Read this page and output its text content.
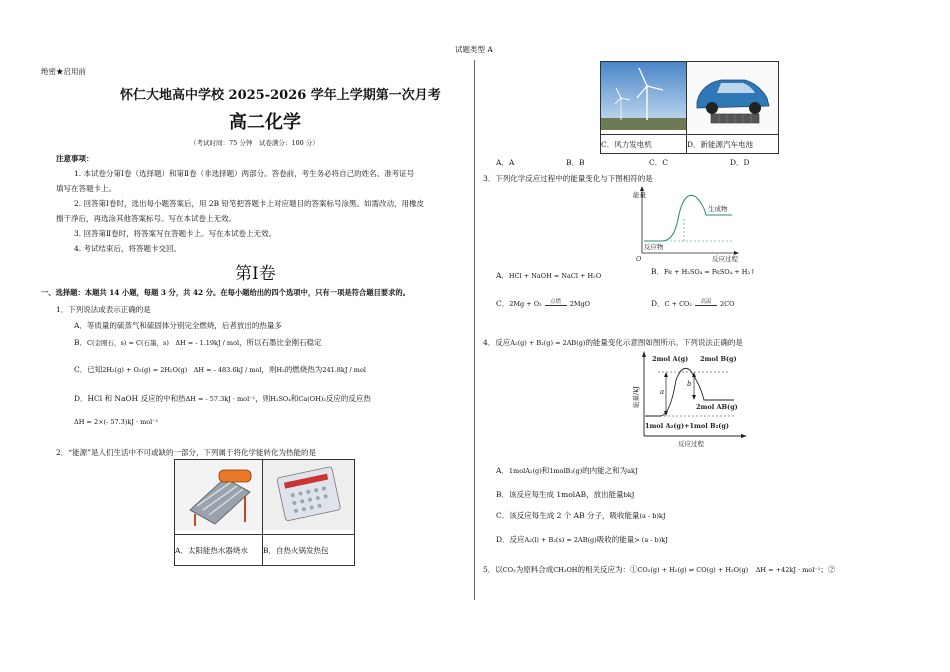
试题类型 A
绝密★启用前
怀仁大地高中学校 2025-2026 学年上学期第一次月考
高二化学
（考试时间：75 分钟　试卷满分：100 分）
注意事项：
1. 本试卷分第Ⅰ卷（选择题）和第Ⅱ卷（非选择题）两部分。答卷前，考生务必将自己的姓名、准考证号
填写在答题卡上。
2. 回答第Ⅰ卷时，选出每小题答案后，用 2B 铅笔把答题卡上对应题目的答案标号涂黑。如需改动，用橡皮
擦干净后，再选涂其他答案标号。写在本试卷上无效。
3. 回答第Ⅱ卷时，将答案写在答题卡上。写在本试卷上无效。
4. 考试结束后，将答题卡交回。
第Ⅰ卷
一、选择题：本题共 14 小题，每题 3 分，共 42 分。在每小题给出的四个选项中，只有一项是符合题目要求的。
1．下列说法或表示正确的是
A．等质量的硫蒸气和硫固体分别完全燃烧，后者放出的热量多
B．C(金刚石，s) = C(石墨，s)　ΔH = - 1.19kJ / mol，所以石墨比金刚石稳定
C．已知2H₂(g) + O₂(g) = 2H₂O(g)　ΔH = - 483.6kJ / mol，则H₂的燃烧热为241.8kJ / mol
D．HCl 和 NaOH 反应的中和热ΔH = - 57.3kJ · mol⁻¹，则H₂SO₄和Ca(OH)₂反应的反应热
ΔH = 2×(- 57.3)kJ · mol⁻¹
2．“能源”是人们生活中不可或缺的一部分，下列属于将化学能转化为热能的是

A．太阳能热水器烧水	B．自热火锅发热包

C．风力发电机	D．新能源汽车电池
A．A	B．B	C．C	D．D
3．下列化学反应过程中的能量变化与下图相符的是
能量
生成物
反应物
O	反应过程
A．HCl + NaOH = NaCl + H₂O	B．Fe + H₂SO₄ = FeSO₄ + H₂↑
C．2Mg + O₂	点燃	2MgO	D．C + CO₂	高温	2CO
4．反应A₂(g) + B₂(g) = 2AB(g)的能量变化示意图如图所示。下列说法正确的是
2mol A(g) 2mol B(g)
a
b
2mol AB(g)
1mol A₂(g)+1mol B₂(g)
反应过程
能量/kJ
A．1molA₂(g)和1molB₂(g)的内能之和为akJ
B．该反应每生成 1molAB，放出能量bkJ
C．该反应每生成 2 个 AB 分子，吸收能量(a - b)kJ
D．反应A₂(l) + B₂(s) = 2AB(g)吸收的能量> (a - b)kJ
5．以CO₂为原料合成CH₃OH的相关反应为：①CO₂(g) + H₂(g) ⇌ CO(g) + H₂O(g)　 ΔH = +42kJ · mol⁻¹；②
